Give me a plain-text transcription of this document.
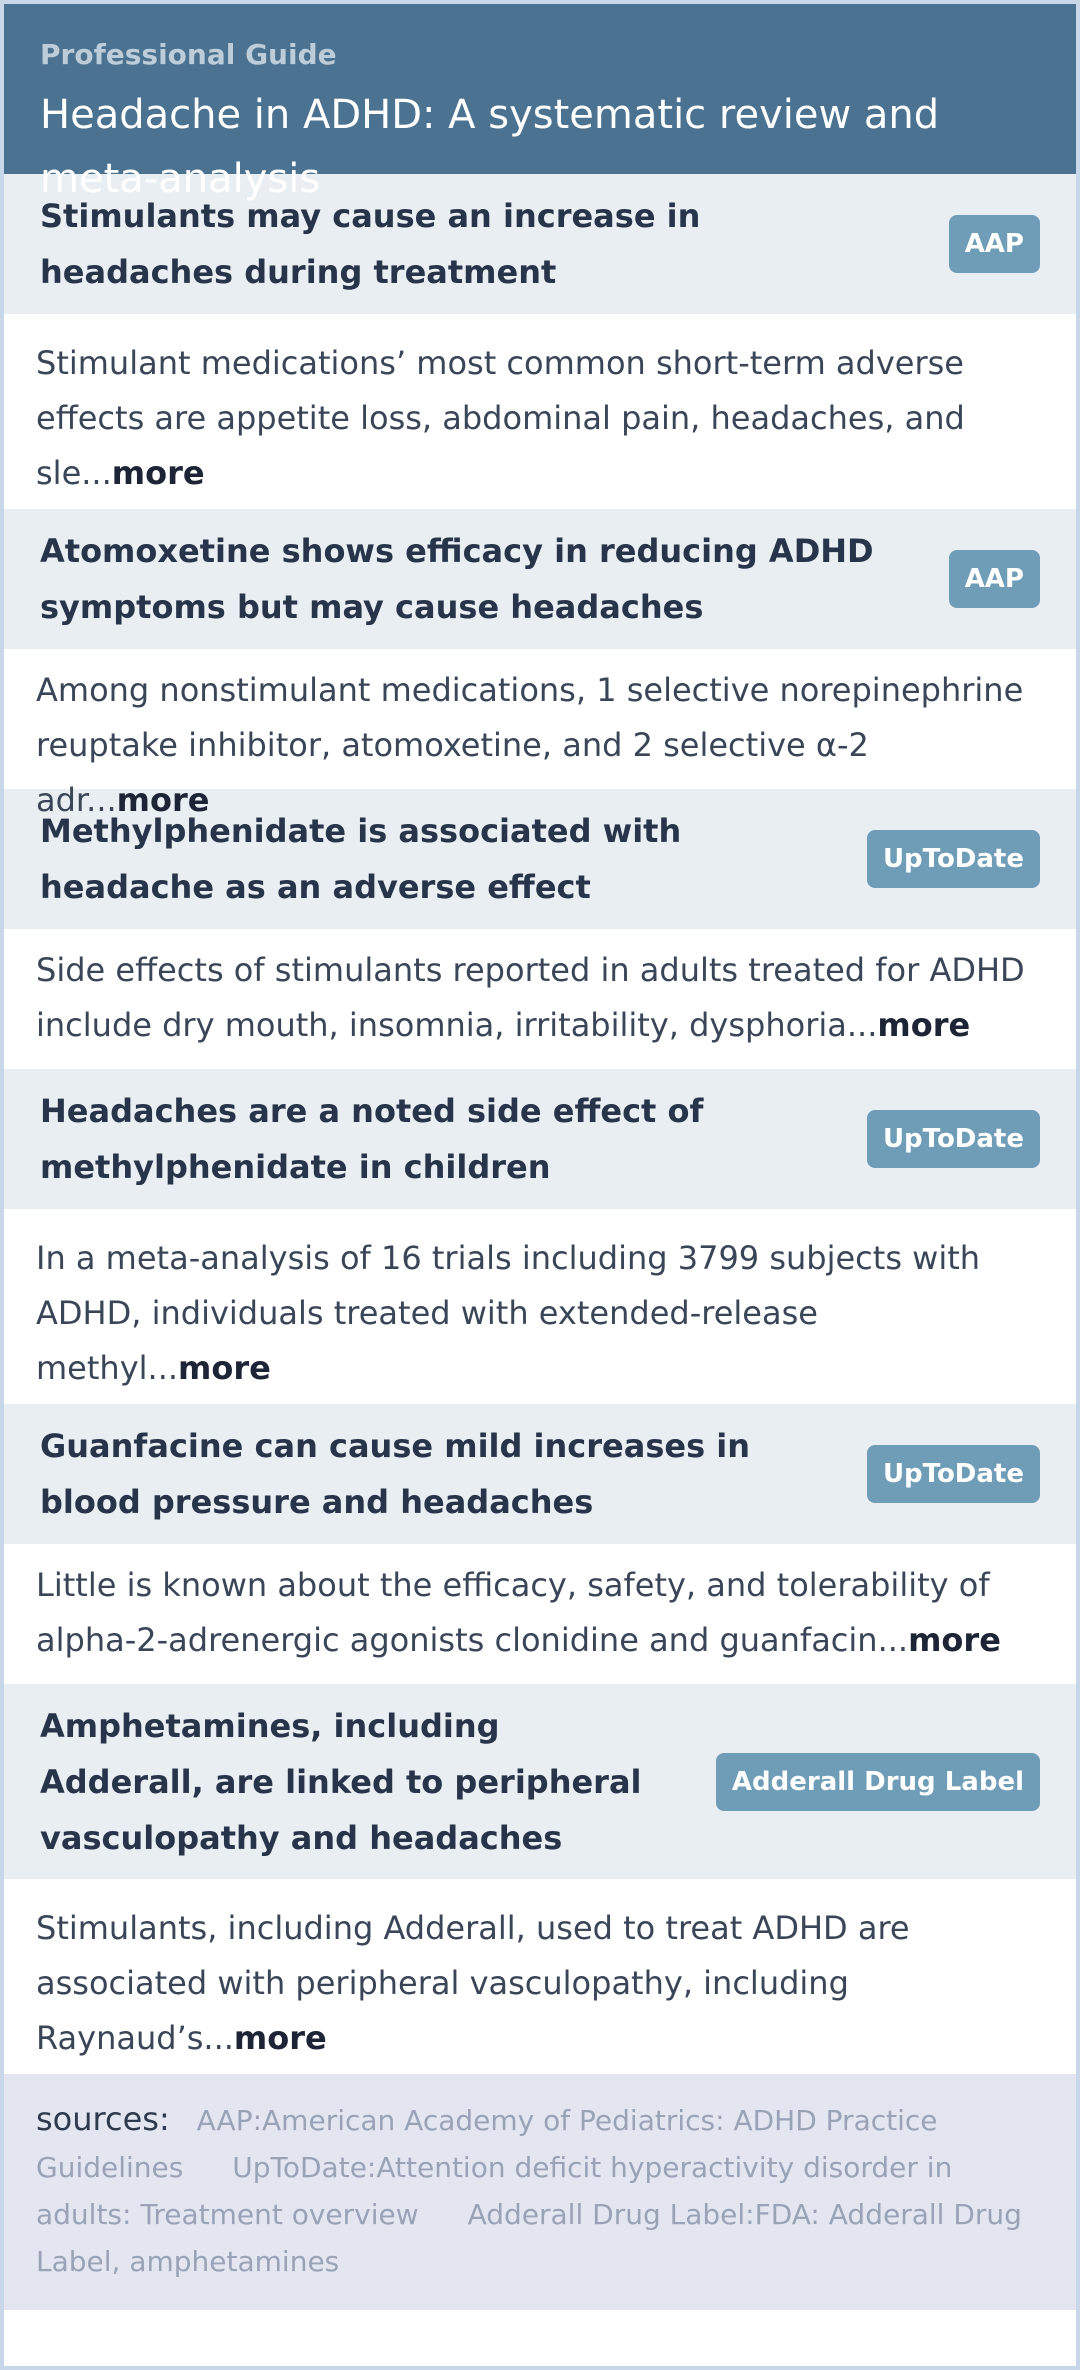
Professional Guide

Headache in ADHD: A systematic review and meta-analysis

Stimulants may cause an increase in headaches during treatment

AAP

Stimulant medications’ most common short-term adverse effects are appetite loss, abdominal pain, headaches, and sle...more

Atomoxetine shows efficacy in reducing ADHD symptoms but may cause headaches

AAP

Among nonstimulant medications, 1 selective norepinephrine reuptake inhibitor, atomoxetine, and 2 selective α-2 adr...more

Methylphenidate is associated with headache as an adverse effect

UpToDate

Side effects of stimulants reported in adults treated for ADHD include dry mouth, insomnia, irritability, dysphoria...more

Headaches are a noted side effect of methylphenidate in children

UpToDate

In a meta-analysis of 16 trials including 3799 subjects with ADHD, individuals treated with extended-release methyl...more

Guanfacine can cause mild increases in blood pressure and headaches

UpToDate

Little is known about the efficacy, safety, and tolerability of alpha-2-adrenergic agonists clonidine and guanfacin...more

Amphetamines, including Adderall, are linked to peripheral vasculopathy and headaches

Adderall Drug Label

Stimulants, including Adderall, used to treat ADHD are associated with peripheral vasculopathy, including Raynaud’s...more

sources: AAP:American Academy of Pediatrics: ADHD Practice Guidelines UpToDate:Attention deficit hyperactivity disorder in adults: Treatment overview Adderall Drug Label:FDA: Adderall Drug Label, amphetamines
